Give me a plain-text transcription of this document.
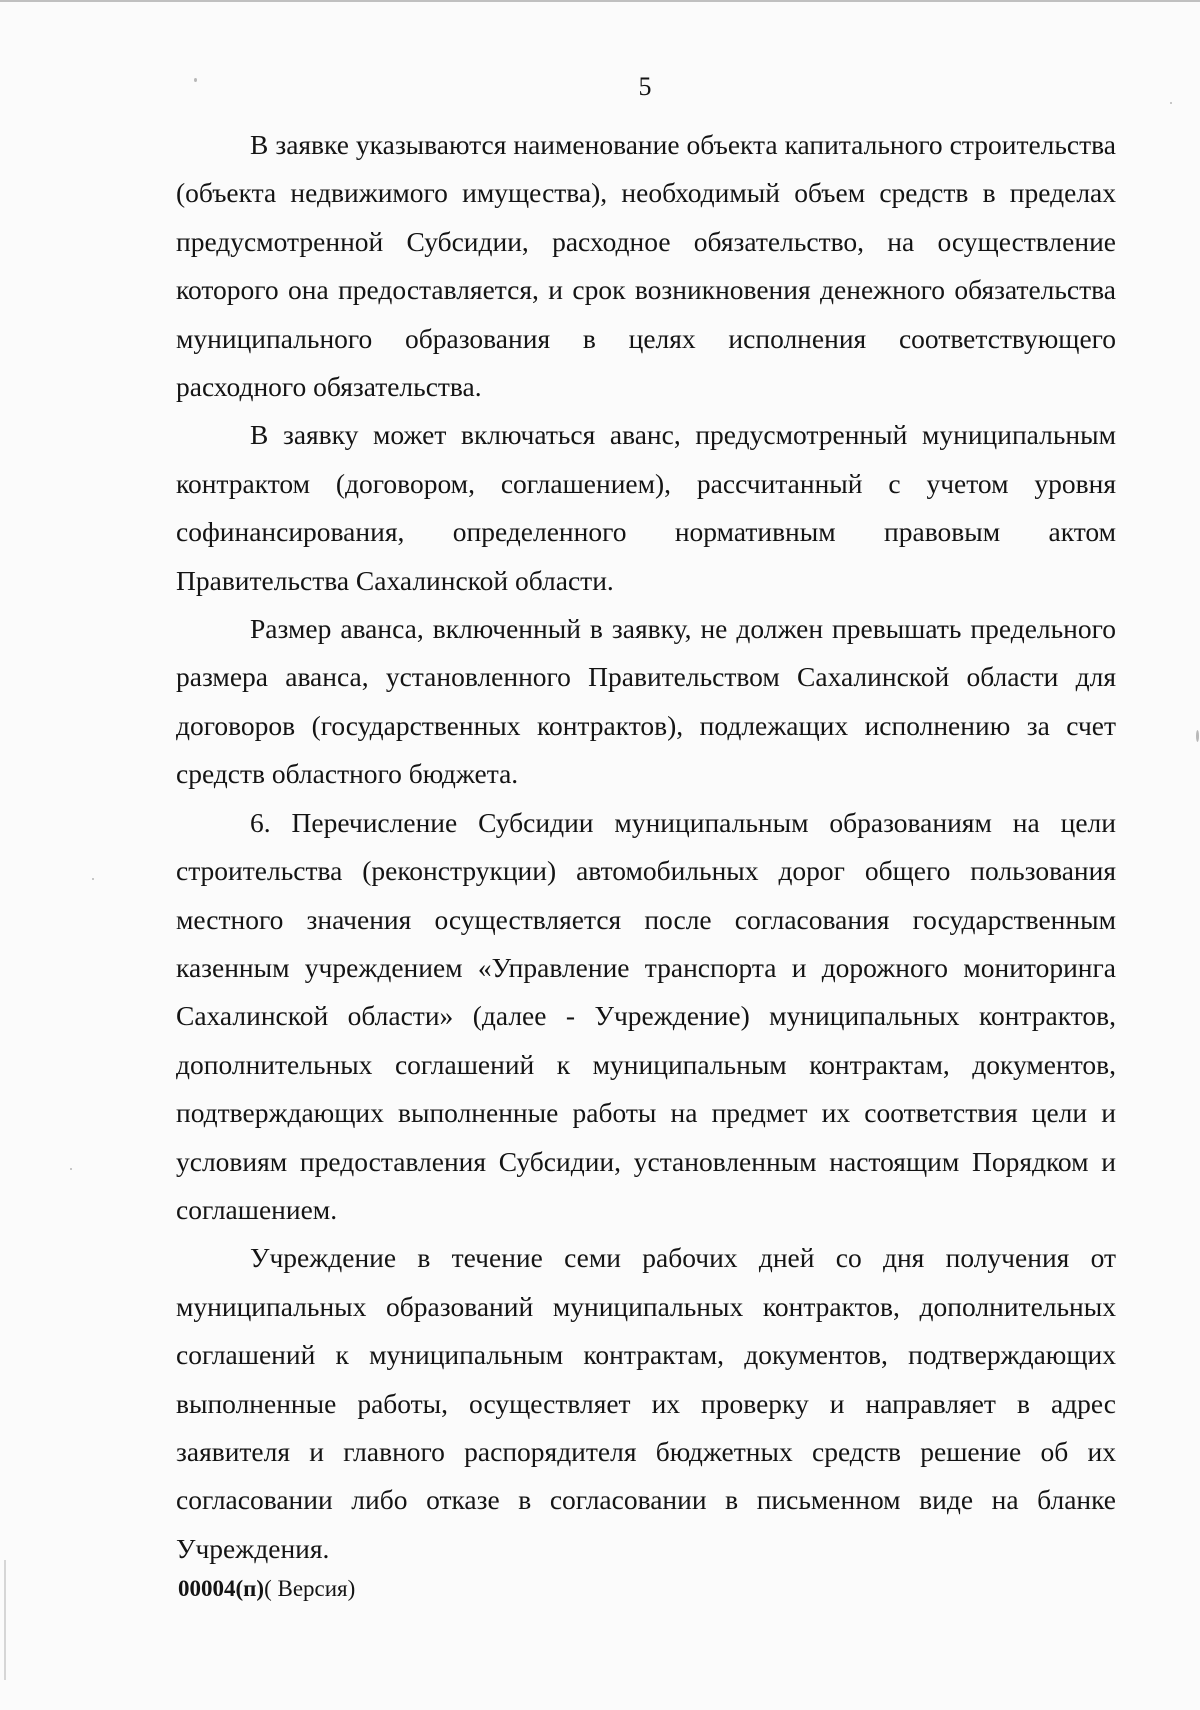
5

В заявке указываются наименование объекта капитального строительства (объекта недвижимого имущества), необходимый объем средств в пределах предусмотренной Субсидии, расходное обязательство, на осуществление которого она предоставляется, и срок возникновения денежного обязательства муниципального образования в целях исполнения соответствующего расходного обязательства.

В заявку может включаться аванс, предусмотренный муниципальным контрактом (договором, соглашением), рассчитанный с учетом уровня софинансирования, определенного нормативным правовым актом Правительства Сахалинской области.

Размер аванса, включенный в заявку, не должен превышать предельного размера аванса, установленного Правительством Сахалинской области для договоров (государственных контрактов), подлежащих исполнению за счет средств областного бюджета.

6. Перечисление Субсидии муниципальным образованиям на цели строительства (реконструкции) автомобильных дорог общего пользования местного значения осуществляется после согласования государственным казенным учреждением «Управление транспорта и дорожного мониторинга Сахалинской области» (далее - Учреждение) муниципальных контрактов, дополнительных соглашений к муниципальным контрактам, документов, подтверждающих выполненные работы на предмет их соответствия цели и условиям предоставления Субсидии, установленным настоящим Порядком и соглашением.

Учреждение в течение семи рабочих дней со дня получения от муниципальных образований муниципальных контрактов, дополнительных соглашений к муниципальным контрактам, документов, подтверждающих выполненные работы, осуществляет их проверку и направляет в адрес заявителя и главного распорядителя бюджетных средств решение об их согласовании либо отказе в согласовании в письменном виде на бланке Учреждения.

00004(п)( Версия)
